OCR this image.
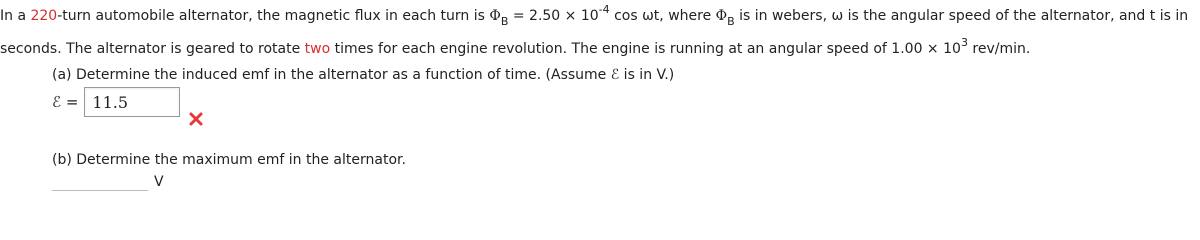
In a 220-turn automobile alternator, the magnetic flux in each turn is $\Phi_B = 2.50 \times 10^{-4}$ cos ωt, where $\Phi_B$ is in webers, ω is the angular speed of the alternator, and t is in
seconds. The alternator is geared to rotate two times for each engine revolution. The engine is running at an angular speed of $1.00 \times 10^3$ rev/min.
(a) Determine the induced emf in the alternator as a function of time. (Assume ℰ is in V.)
ℰ = 11.5
(b) Determine the maximum emf in the alternator.
V
